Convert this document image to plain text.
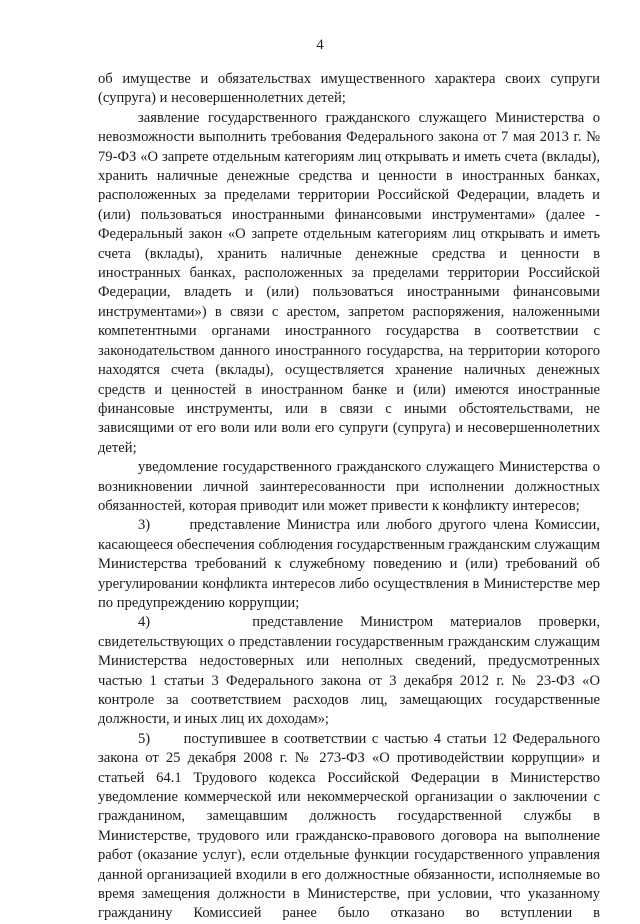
4

об имуществе и обязательствах имущественного характера своих супруги (супруга) и несовершеннолетних детей;

заявление государственного гражданского служащего Министерства о невозможности выполнить требования Федерального закона от 7 мая 2013 г. № 79-ФЗ «О запрете отдельным категориям лиц открывать и иметь счета (вклады), хранить наличные денежные средства и ценности в иностранных банках, расположенных за пределами территории Российской Федерации, владеть и (или) пользоваться иностранными финансовыми инструментами» (далее - Федеральный закон «О запрете отдельным категориям лиц открывать и иметь счета (вклады), хранить наличные денежные средства и ценности в иностранных банках, расположенных за пределами территории Российской Федерации, владеть и (или) пользоваться иностранными финансовыми инструментами») в связи с арестом, запретом распоряжения, наложенными компетентными органами иностранного государства в соответствии с законодательством данного иностранного государства, на территории которого находятся счета (вклады), осуществляется хранение наличных денежных средств и ценностей в иностранном банке и (или) имеются иностранные финансовые инструменты, или в связи с иными обстоятельствами, не зависящими от его воли или воли его супруги (супруга) и несовершеннолетних детей;

уведомление государственного гражданского служащего Министерства о возникновении личной заинтересованности при исполнении должностных обязанностей, которая приводит или может привести к конфликту интересов;

3)      представление Министра или любого другого члена Комиссии, касающееся обеспечения соблюдения государственным гражданским служащим Министерства требований к служебному поведению и (или) требований об урегулировании конфликта интересов либо осуществления в Министерстве мер по предупреждению коррупции;

4)      представление Министром материалов проверки, свидетельствующих о представлении государственным гражданским служащим Министерства недостоверных или неполных сведений, предусмотренных частью 1 статьи 3 Федерального закона от 3 декабря 2012 г. № 23-ФЗ «О контроле за соответствием расходов лиц, замещающих государственные должности, и иных лиц их доходам»;

5)      поступившее в соответствии с частью 4 статьи 12 Федерального закона от 25 декабря 2008 г. № 273-ФЗ «О противодействии коррупции» и статьей 64.1 Трудового кодекса Российской Федерации в Министерство уведомление коммерческой или некоммерческой организации о заключении с гражданином, замещавшим должность государственной службы в Министерстве, трудового или гражданско-правового договора на выполнение работ (оказание услуг), если отдельные функции государственного управления данной организацией входили в его должностные обязанности, исполняемые во время замещения должности в Министерстве, при условии, что указанному гражданину Комиссией ранее было отказано во вступлении в
